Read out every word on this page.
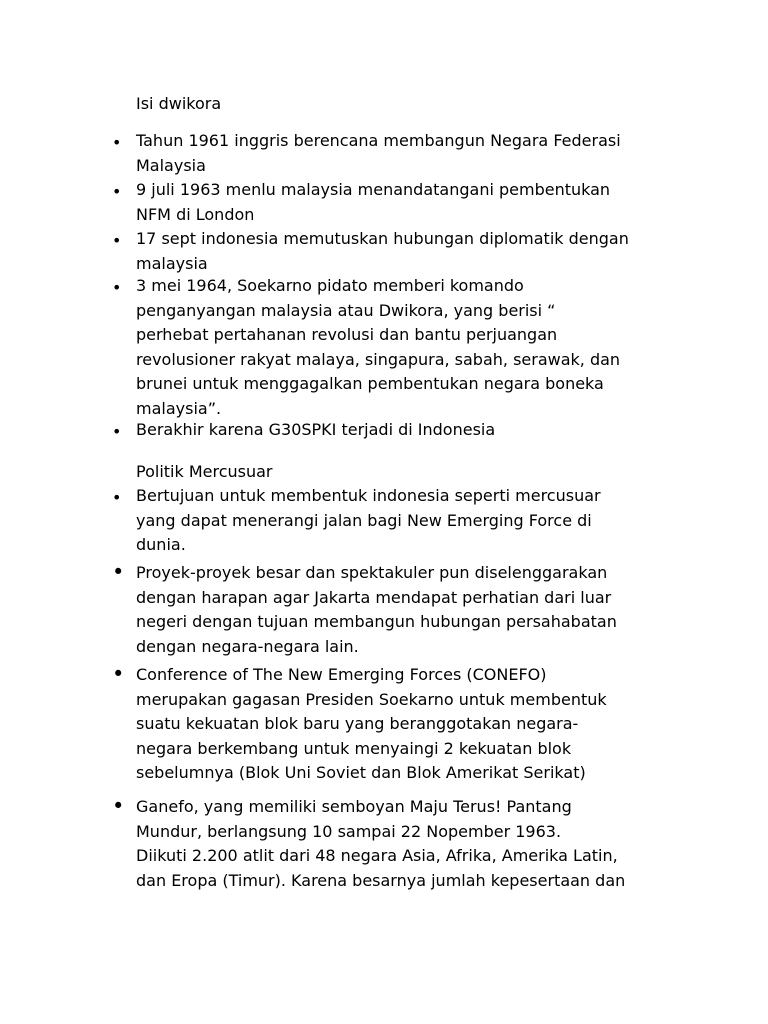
Isi dwikora
• Tahun 1961 inggris berencana membangun Negara Federasi
Malaysia
• 9 juli 1963 menlu malaysia menandatangani pembentukan
NFM di London
• 17 sept indonesia memutuskan hubungan diplomatik dengan
malaysia
• 3 mei 1964, Soekarno pidato memberi komando
penganyangan malaysia atau Dwikora, yang berisi “
perhebat pertahanan revolusi dan bantu perjuangan
revolusioner rakyat malaya, singapura, sabah, serawak, dan
brunei untuk menggagalkan pembentukan negara boneka
malaysia”.
• Berakhir karena G30SPKI terjadi di Indonesia
Politik Mercusuar
• Bertujuan untuk membentuk indonesia seperti mercusuar
yang dapat menerangi jalan bagi New Emerging Force di
dunia.
• Proyek-proyek besar dan spektakuler pun diselenggarakan
dengan harapan agar Jakarta mendapat perhatian dari luar
negeri dengan tujuan membangun hubungan persahabatan
dengan negara-negara lain.
• Conference of The New Emerging Forces (CONEFO)
merupakan gagasan Presiden Soekarno untuk membentuk
suatu kekuatan blok baru yang beranggotakan negara-
negara berkembang untuk menyaingi 2 kekuatan blok
sebelumnya (Blok Uni Soviet dan Blok Amerikat Serikat)
• Ganefo, yang memiliki semboyan Maju Terus! Pantang
Mundur, berlangsung 10 sampai 22 Nopember 1963.
Diikuti 2.200 atlit dari 48 negara Asia, Afrika, Amerika Latin,
dan Eropa (Timur). Karena besarnya jumlah kepesertaan dan
